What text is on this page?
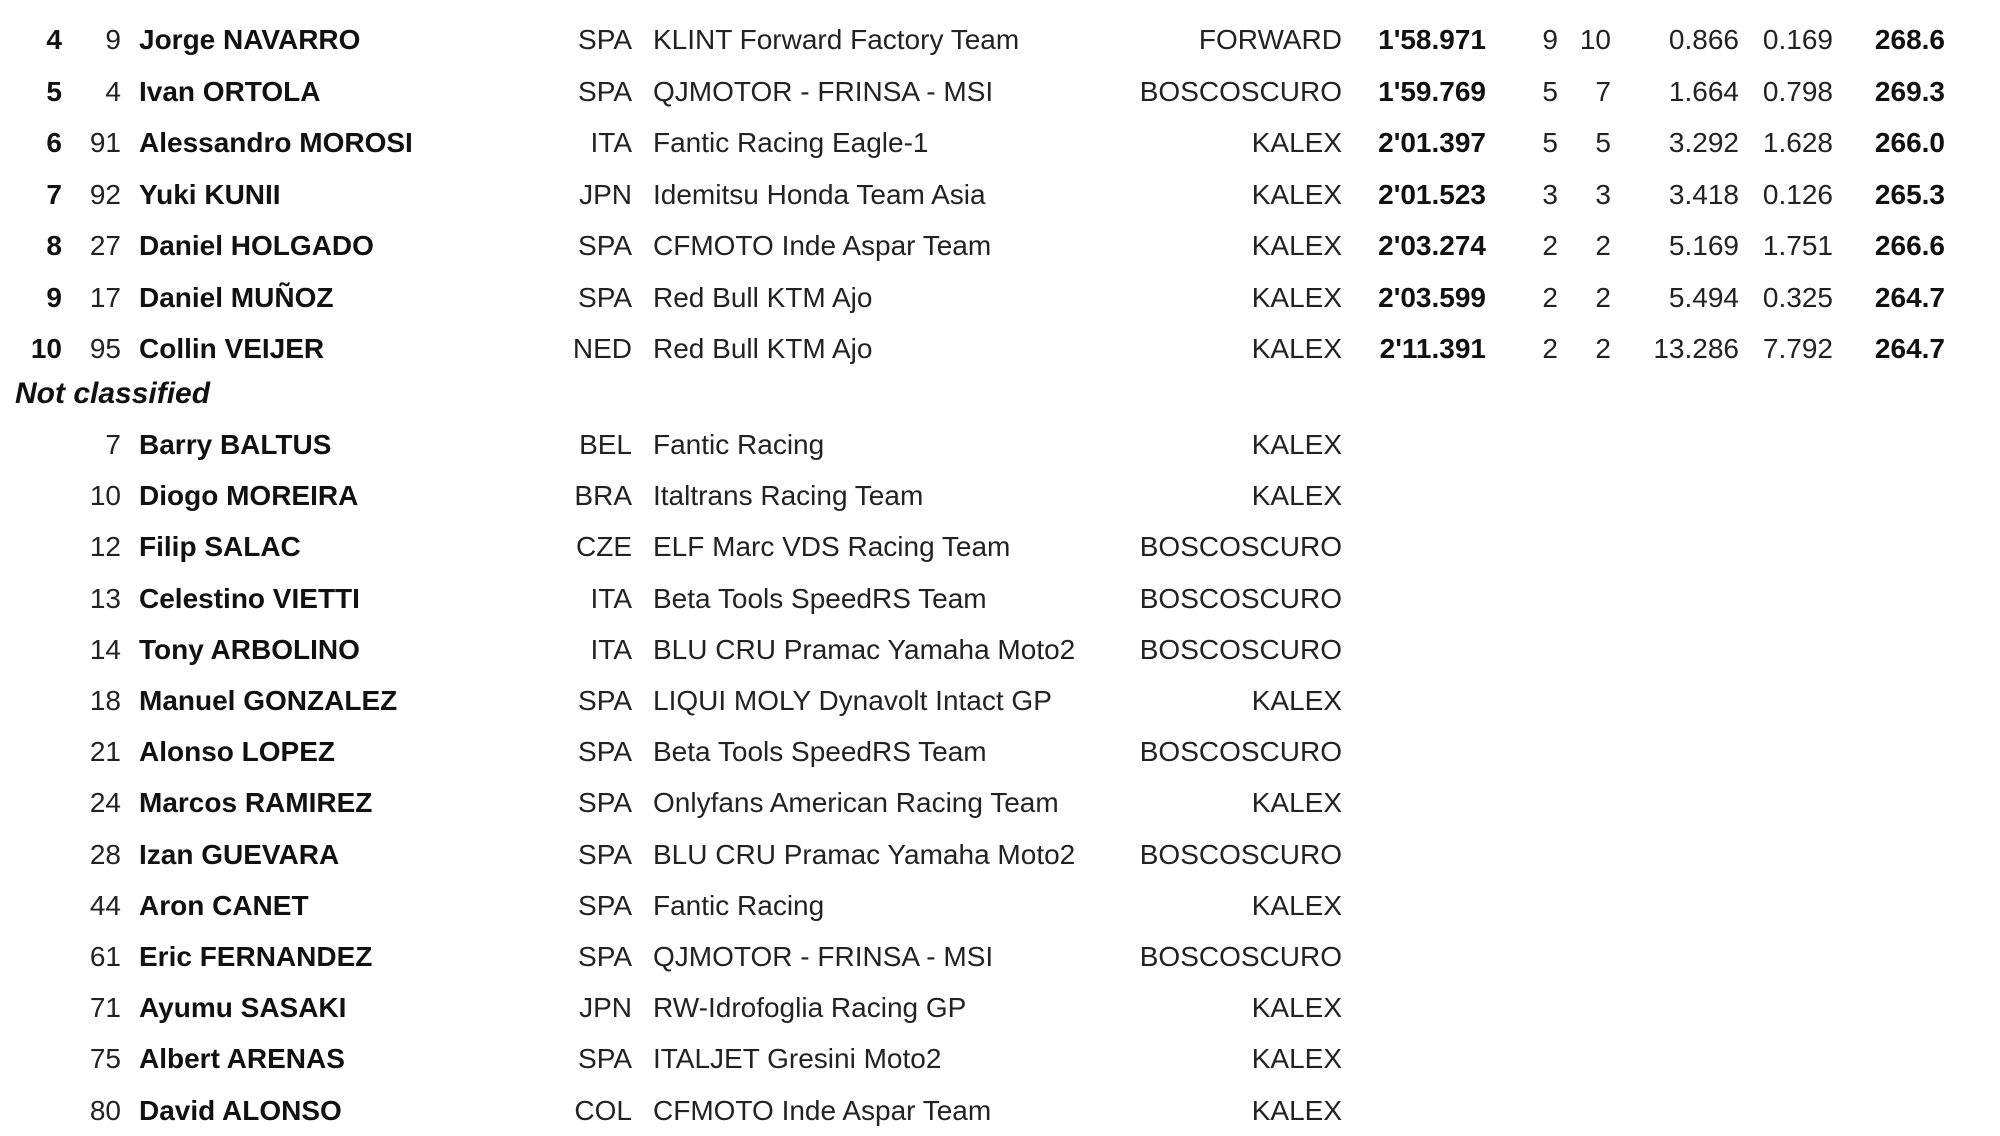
4 9 Jorge NAVARRO	SPA KLINT Forward Factory Team	FORWARD 1'58.971 9 10 0.866 0.169 268.6
5 4 Ivan ORTOLA	SPA QJMOTOR - FRINSA - MSI	BOSCOSCURO 1'59.769 5 7 1.664 0.798 269.3
6 91 Alessandro MOROSI	ITA Fantic Racing Eagle-1	KALEX 2'01.397 5 5 3.292 1.628 266.0
7 92 Yuki KUNII	JPN Idemitsu Honda Team Asia	KALEX 2'01.523 3 3 3.418 0.126 265.3
8 27 Daniel HOLGADO	SPA CFMOTO Inde Aspar Team	KALEX 2'03.274 2 2 5.169 1.751 266.6
9 17 Daniel MUÑOZ	SPA Red Bull KTM Ajo	KALEX 2'03.599 2 2 5.494 0.325 264.7
10 95 Collin VEIJER	NED Red Bull KTM Ajo	KALEX 2'11.391 2 2 13.286 7.792 264.7
Not classified
7 Barry BALTUS	BEL Fantic Racing	KALEX
10 Diogo MOREIRA	BRA Italtrans Racing Team	KALEX
12 Filip SALAC	CZE ELF Marc VDS Racing Team	BOSCOSCURO
13 Celestino VIETTI	ITA Beta Tools SpeedRS Team	BOSCOSCURO
14 Tony ARBOLINO	ITA BLU CRU Pramac Yamaha Moto2 BOSCOSCURO
18 Manuel GONZALEZ	SPA LIQUI MOLY Dynavolt Intact GP	KALEX
21 Alonso LOPEZ	SPA Beta Tools SpeedRS Team	BOSCOSCURO
24 Marcos RAMIREZ	SPA Onlyfans American Racing Team	KALEX
28 Izan GUEVARA	SPA BLU CRU Pramac Yamaha Moto2 BOSCOSCURO
44 Aron CANET	SPA Fantic Racing	KALEX
61 Eric FERNANDEZ	SPA QJMOTOR - FRINSA - MSI	BOSCOSCURO
71 Ayumu SASAKI	JPN RW-Idrofoglia Racing GP	KALEX
75 Albert ARENAS	SPA ITALJET Gresini Moto2	KALEX
80 David ALONSO	COL CFMOTO Inde Aspar Team	KALEX
